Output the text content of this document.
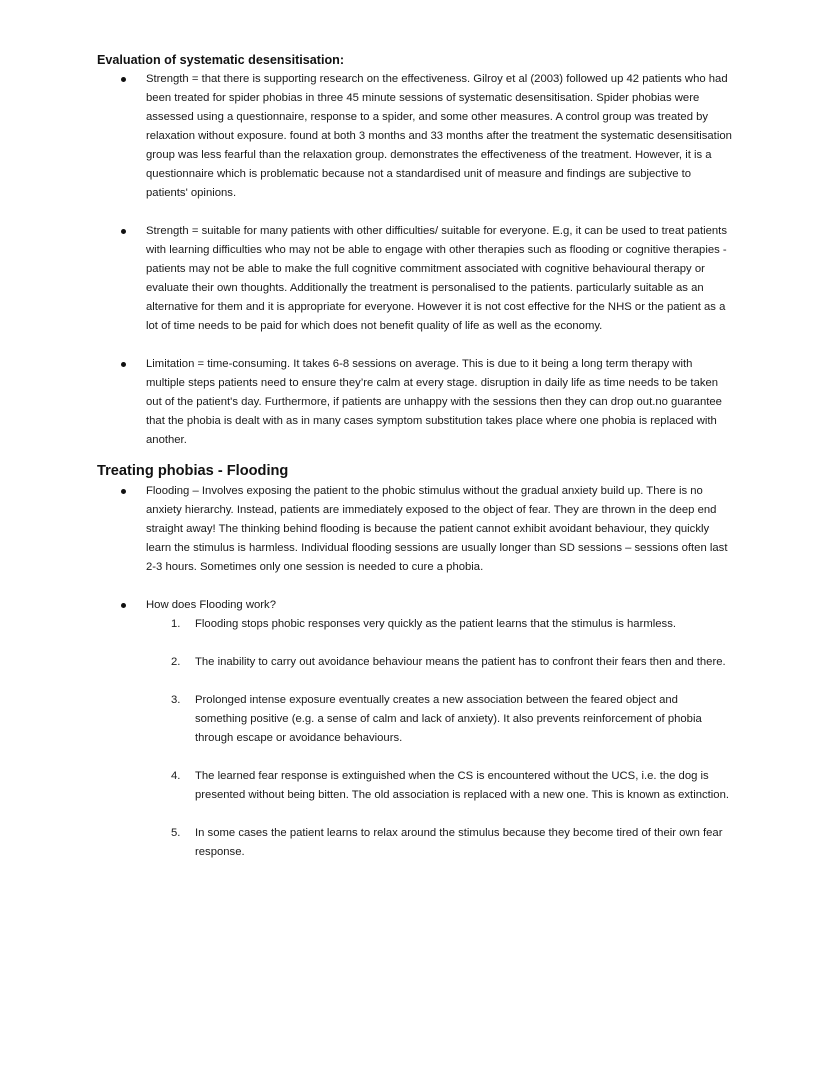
Evaluation of systematic desensitisation:
Strength = that there is supporting research on the effectiveness. Gilroy et al (2003) followed up 42 patients who had been treated for spider phobias in three 45 minute sessions of systematic desensitisation. Spider phobias were assessed using a questionnaire, response to a spider, and some other measures. A control group was treated by relaxation without exposure. found at both 3 months and 33 months after the treatment the systematic desensitisation group was less fearful than the relaxation group. demonstrates the effectiveness of the treatment. However, it is a questionnaire which is problematic because not a standardised unit of measure and findings are subjective to patients' opinions.
Strength = suitable for many patients with other difficulties/ suitable for everyone. E.g, it can be used to treat patients with learning difficulties who may not be able to engage with other therapies such as flooding or cognitive therapies - patients may not be able to make the full cognitive commitment associated with cognitive behavioural therapy or evaluate their own thoughts. Additionally the treatment is personalised to the patients. particularly suitable as an alternative for them and it is appropriate for everyone. However it is not cost effective for the NHS or the patient as a lot of time needs to be paid for which does not benefit quality of life as well as the economy.
Limitation = time-consuming. It takes 6-8 sessions on average. This is due to it being a long term therapy with multiple steps patients need to ensure they’re calm at every stage. disruption in daily life as time needs to be taken out of the patient's day. Furthermore, if patients are unhappy with the sessions then they can drop out.no guarantee that the phobia is dealt with as in many cases symptom substitution takes place where one phobia is replaced with another.
Treating phobias - Flooding
Flooding – Involves exposing the patient to the phobic stimulus without the gradual anxiety build up. There is no anxiety hierarchy. Instead, patients are immediately exposed to the object of fear. They are thrown in the deep end straight away! The thinking behind flooding is because the patient cannot exhibit avoidant behaviour, they quickly learn the stimulus is harmless. Individual flooding sessions are usually longer than SD sessions – sessions often last 2-3 hours. Sometimes only one session is needed to cure a phobia.
How does Flooding work?
1. Flooding stops phobic responses very quickly as the patient learns that the stimulus is harmless.
2. The inability to carry out avoidance behaviour means the patient has to confront their fears then and there.
3. Prolonged intense exposure eventually creates a new association between the feared object and something positive (e.g. a sense of calm and lack of anxiety). It also prevents reinforcement of phobia through escape or avoidance behaviours.
4. The learned fear response is extinguished when the CS is encountered without the UCS, i.e. the dog is presented without being bitten. The old association is replaced with a new one. This is known as extinction.
5. In some cases the patient learns to relax around the stimulus because they become tired of their own fear response.
